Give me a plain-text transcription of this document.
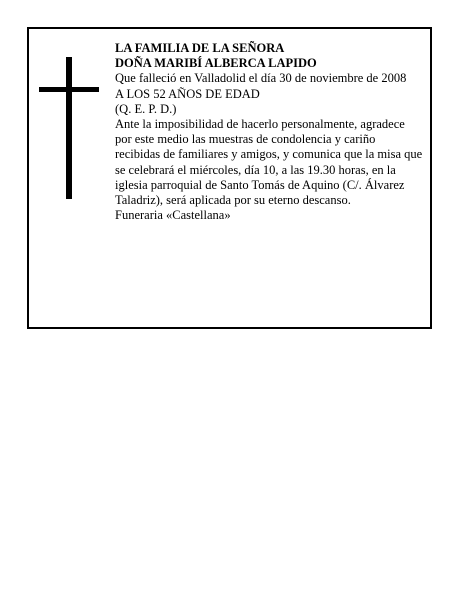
LA FAMILIA DE LA SEÑORA

DOÑA MARIBÍ ALBERCA LAPIDO

Que falleció en Valladolid el día 30 de noviembre de 2008

A LOS 52 AÑOS DE EDAD

(Q. E. P. D.)

Ante la imposibilidad de hacerlo personalmente, agradece por este medio las muestras de condolencia y cariño recibidas de familiares y amigos, y comunica que la misa que se celebrará el miércoles, día 10, a las 19.30 horas, en la iglesia parroquial de Santo Tomás de Aquino (C/. Álvarez Taladriz), será aplicada por su eterno descanso.

Funeraria «Castellana»
